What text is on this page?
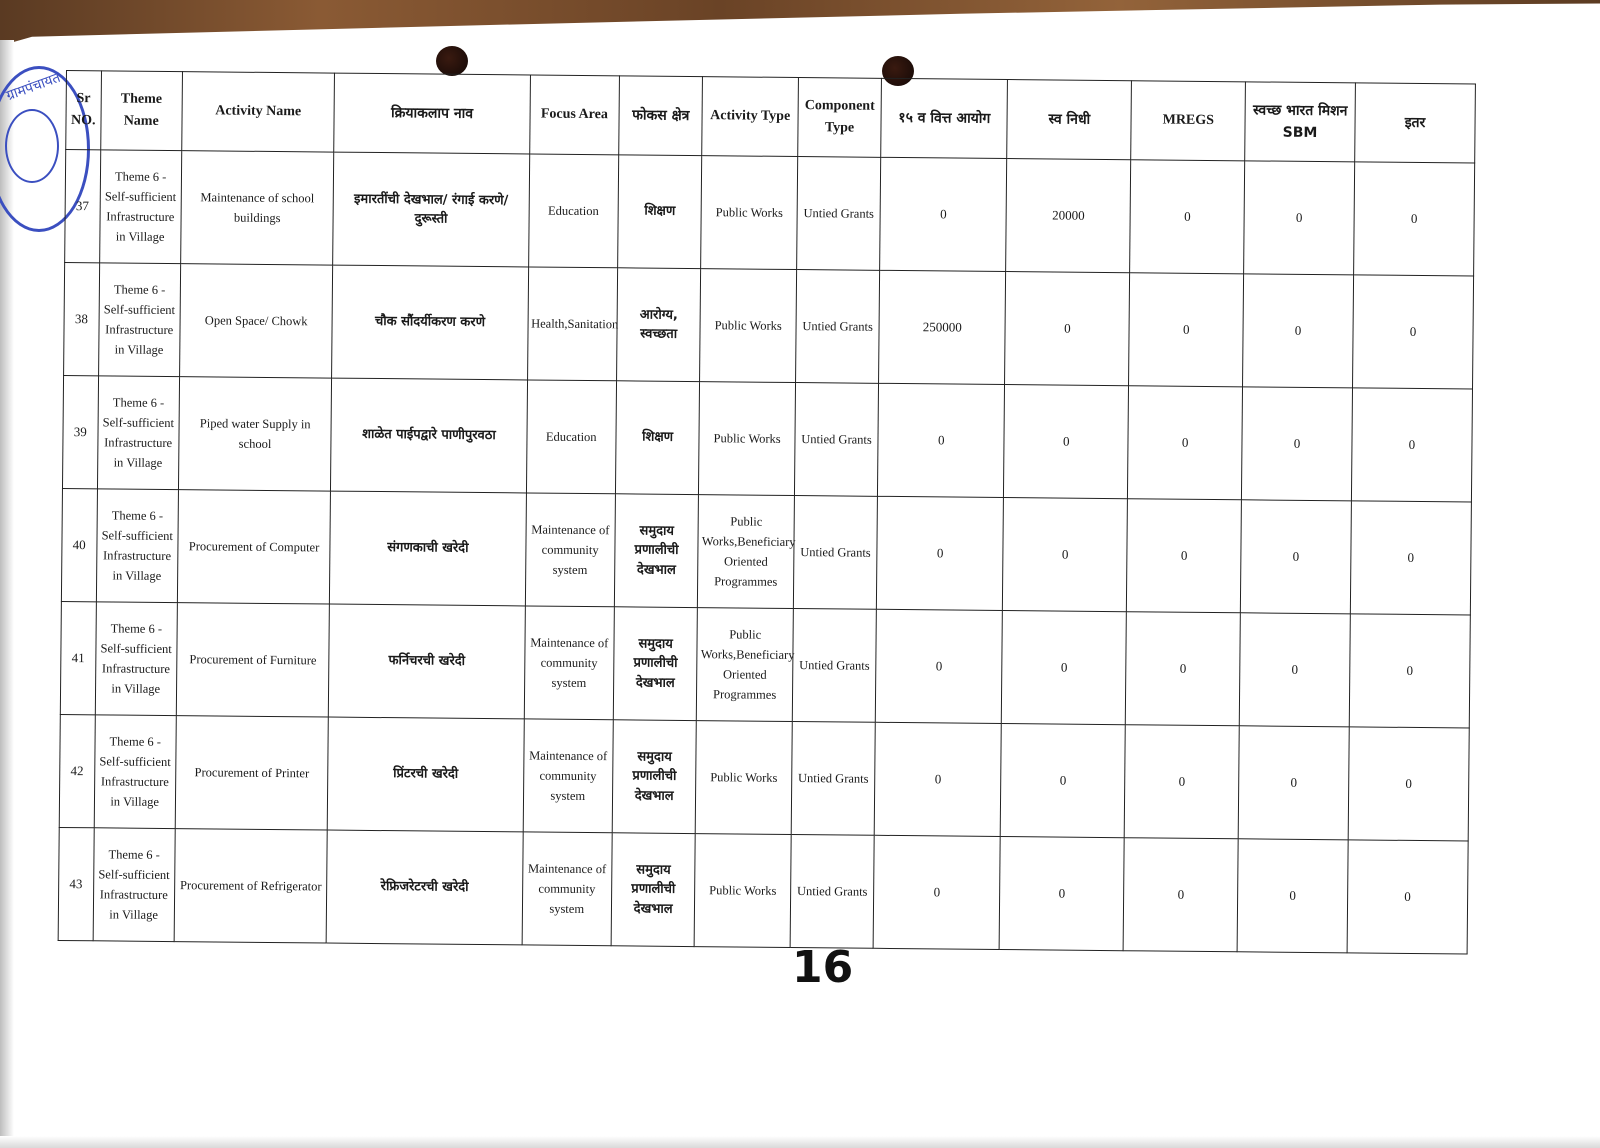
ग्रामपंचायत Sr NO.	Theme Name	Activity Name	क्रियाकलाप नाव	Focus Area	फोकस क्षेत्र	Activity Type	Component Type	१५ व वित्त आयोग	स्व निधी	MREGS	स्वच्छ भारत मिशन SBM	इतर
37	Theme 6 - Self-sufficient Infrastructure in Village	Maintenance of school buildings	इमारतींची देखभाल/ रंगाई करणे/ दुरूस्ती	Education	शिक्षण	Public Works	Untied Grants	0	20000	0	0	0
38	Theme 6 - Self-sufficient Infrastructure in Village	Open Space/ Chowk	चौक सौंदर्यीकरण करणे	Health,Sanitation	आरोग्य, स्वच्छता	Public Works	Untied Grants	250000	0	0	0	0
39	Theme 6 - Self-sufficient Infrastructure in Village	Piped water Supply in school	शाळेत पाईपद्वारे पाणीपुरवठा	Education	शिक्षण	Public Works	Untied Grants	0	0	0	0	0
40	Theme 6 - Self-sufficient Infrastructure in Village	Procurement of Computer	संगणकाची खरेदी	Maintenance of community system	समुदाय प्रणालीची देखभाल	Public Works,Beneficiary Oriented Programmes	Untied Grants	0	0	0	0	0
41	Theme 6 - Self-sufficient Infrastructure in Village	Procurement of Furniture	फर्निचरची खरेदी	Maintenance of community system	समुदाय प्रणालीची देखभाल	Public Works,Beneficiary Oriented Programmes	Untied Grants	0	0	0	0	0
42	Theme 6 - Self-sufficient Infrastructure in Village	Procurement of Printer	प्रिंटरची खरेदी	Maintenance of community system	समुदाय प्रणालीची देखभाल	Public Works	Untied Grants	0	0	0	0	0
43	Theme 6 - Self-sufficient Infrastructure in Village	Procurement of Refrigerator	रेफ्रिजरेटरची खरेदी	Maintenance of community system	समुदाय प्रणालीची देखभाल	Public Works	Untied Grants	0	0	0	0	0
16
